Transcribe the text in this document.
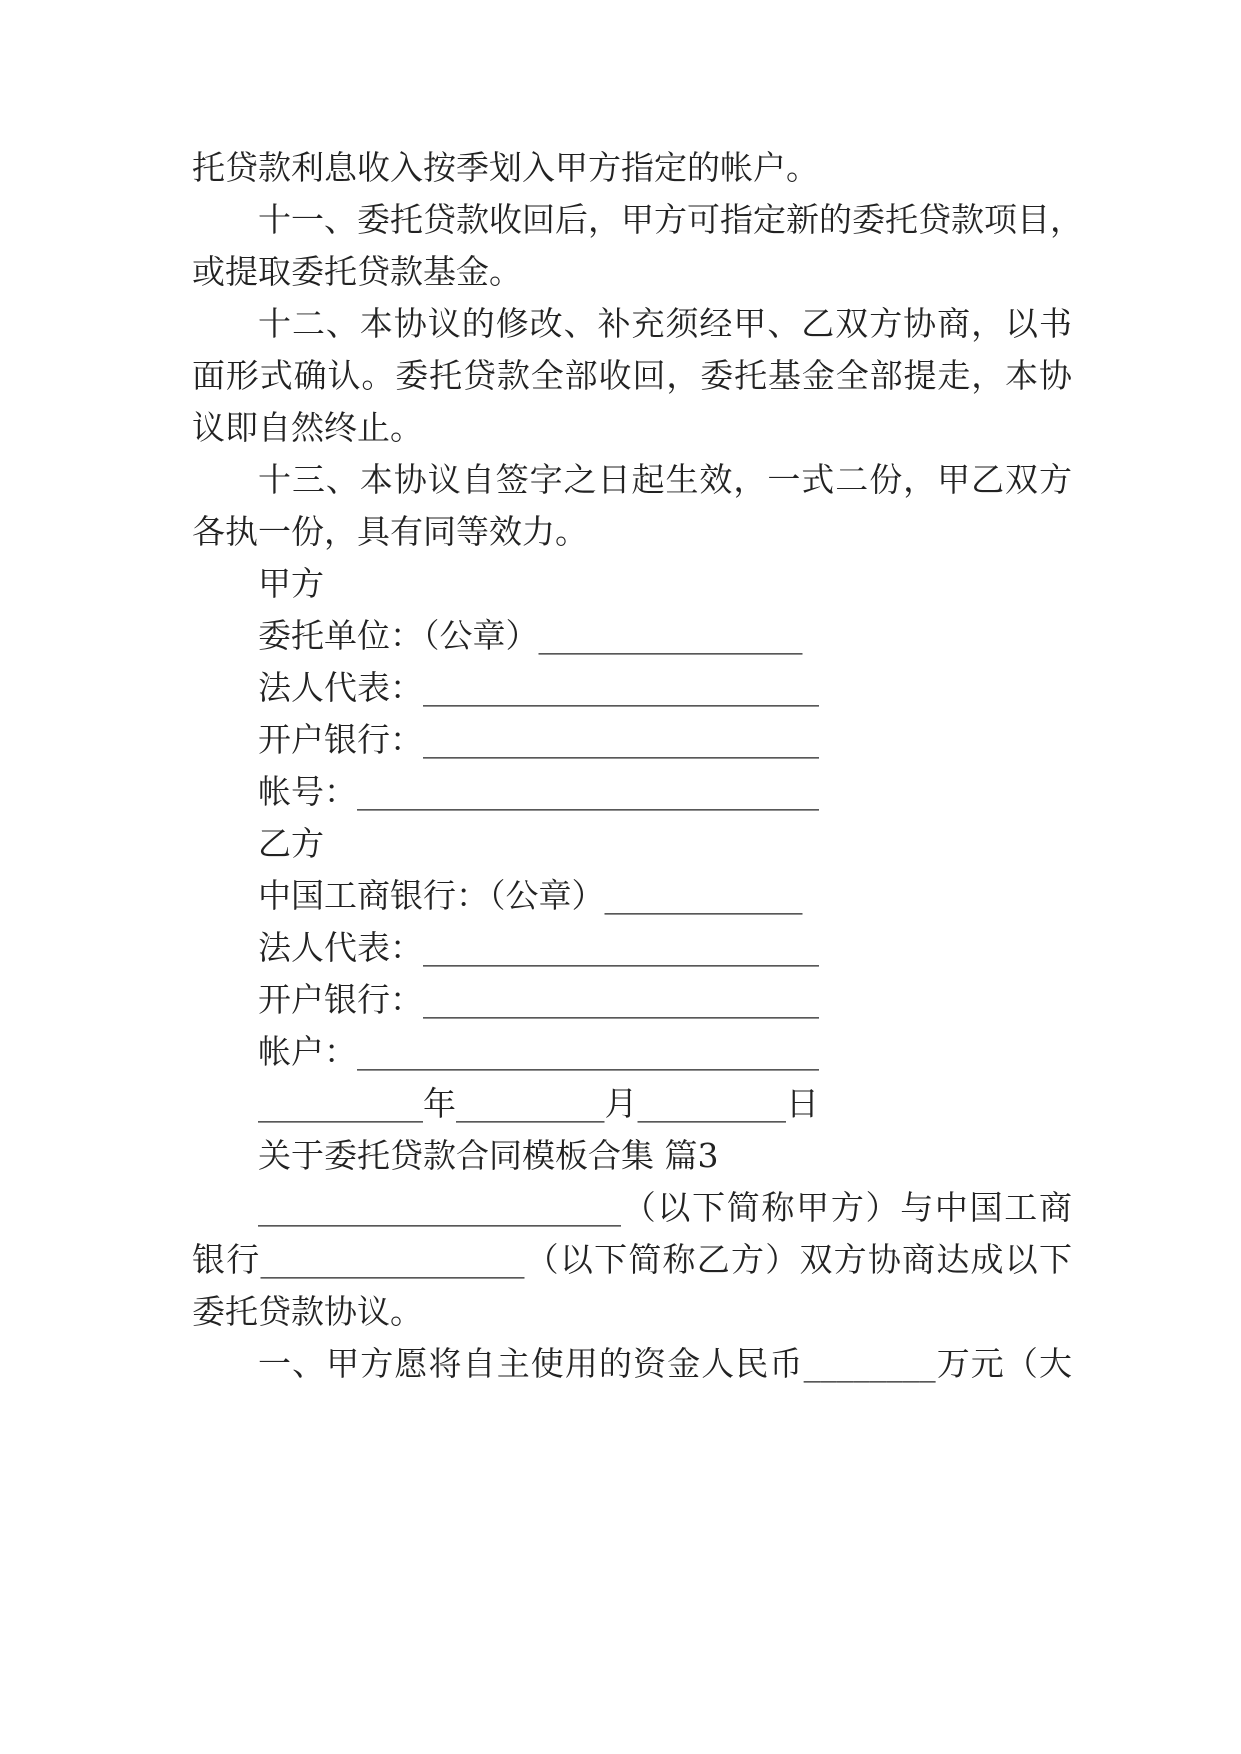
托贷款利息收入按季划入甲方指定的帐户。

十一、委托贷款收回后，甲方可指定新的委托贷款项目，

或提取委托贷款基金。

十二、本协议的修改、补充须经甲、乙双方协商，以书

面形式确认。委托贷款全部收回，委托基金全部提走，本协

议即自然终止。

十三、本协议自签字之日起生效，一式二份，甲乙双方

各执一份，具有同等效力。

甲方

委托单位：（公章）________________

法人代表：________________________

开户银行：________________________

帐号：____________________________

乙方

中国工商银行：（公章）____________

法人代表：________________________

开户银行：________________________

帐户：____________________________

__________年_________月_________日

关于委托贷款合同模板合集 篇3

______________________（以下简称甲方）与中国工商

银行________________（以下简称乙方）双方协商达成以下

委托贷款协议。

一、甲方愿将自主使用的资金人民币________万元（大
